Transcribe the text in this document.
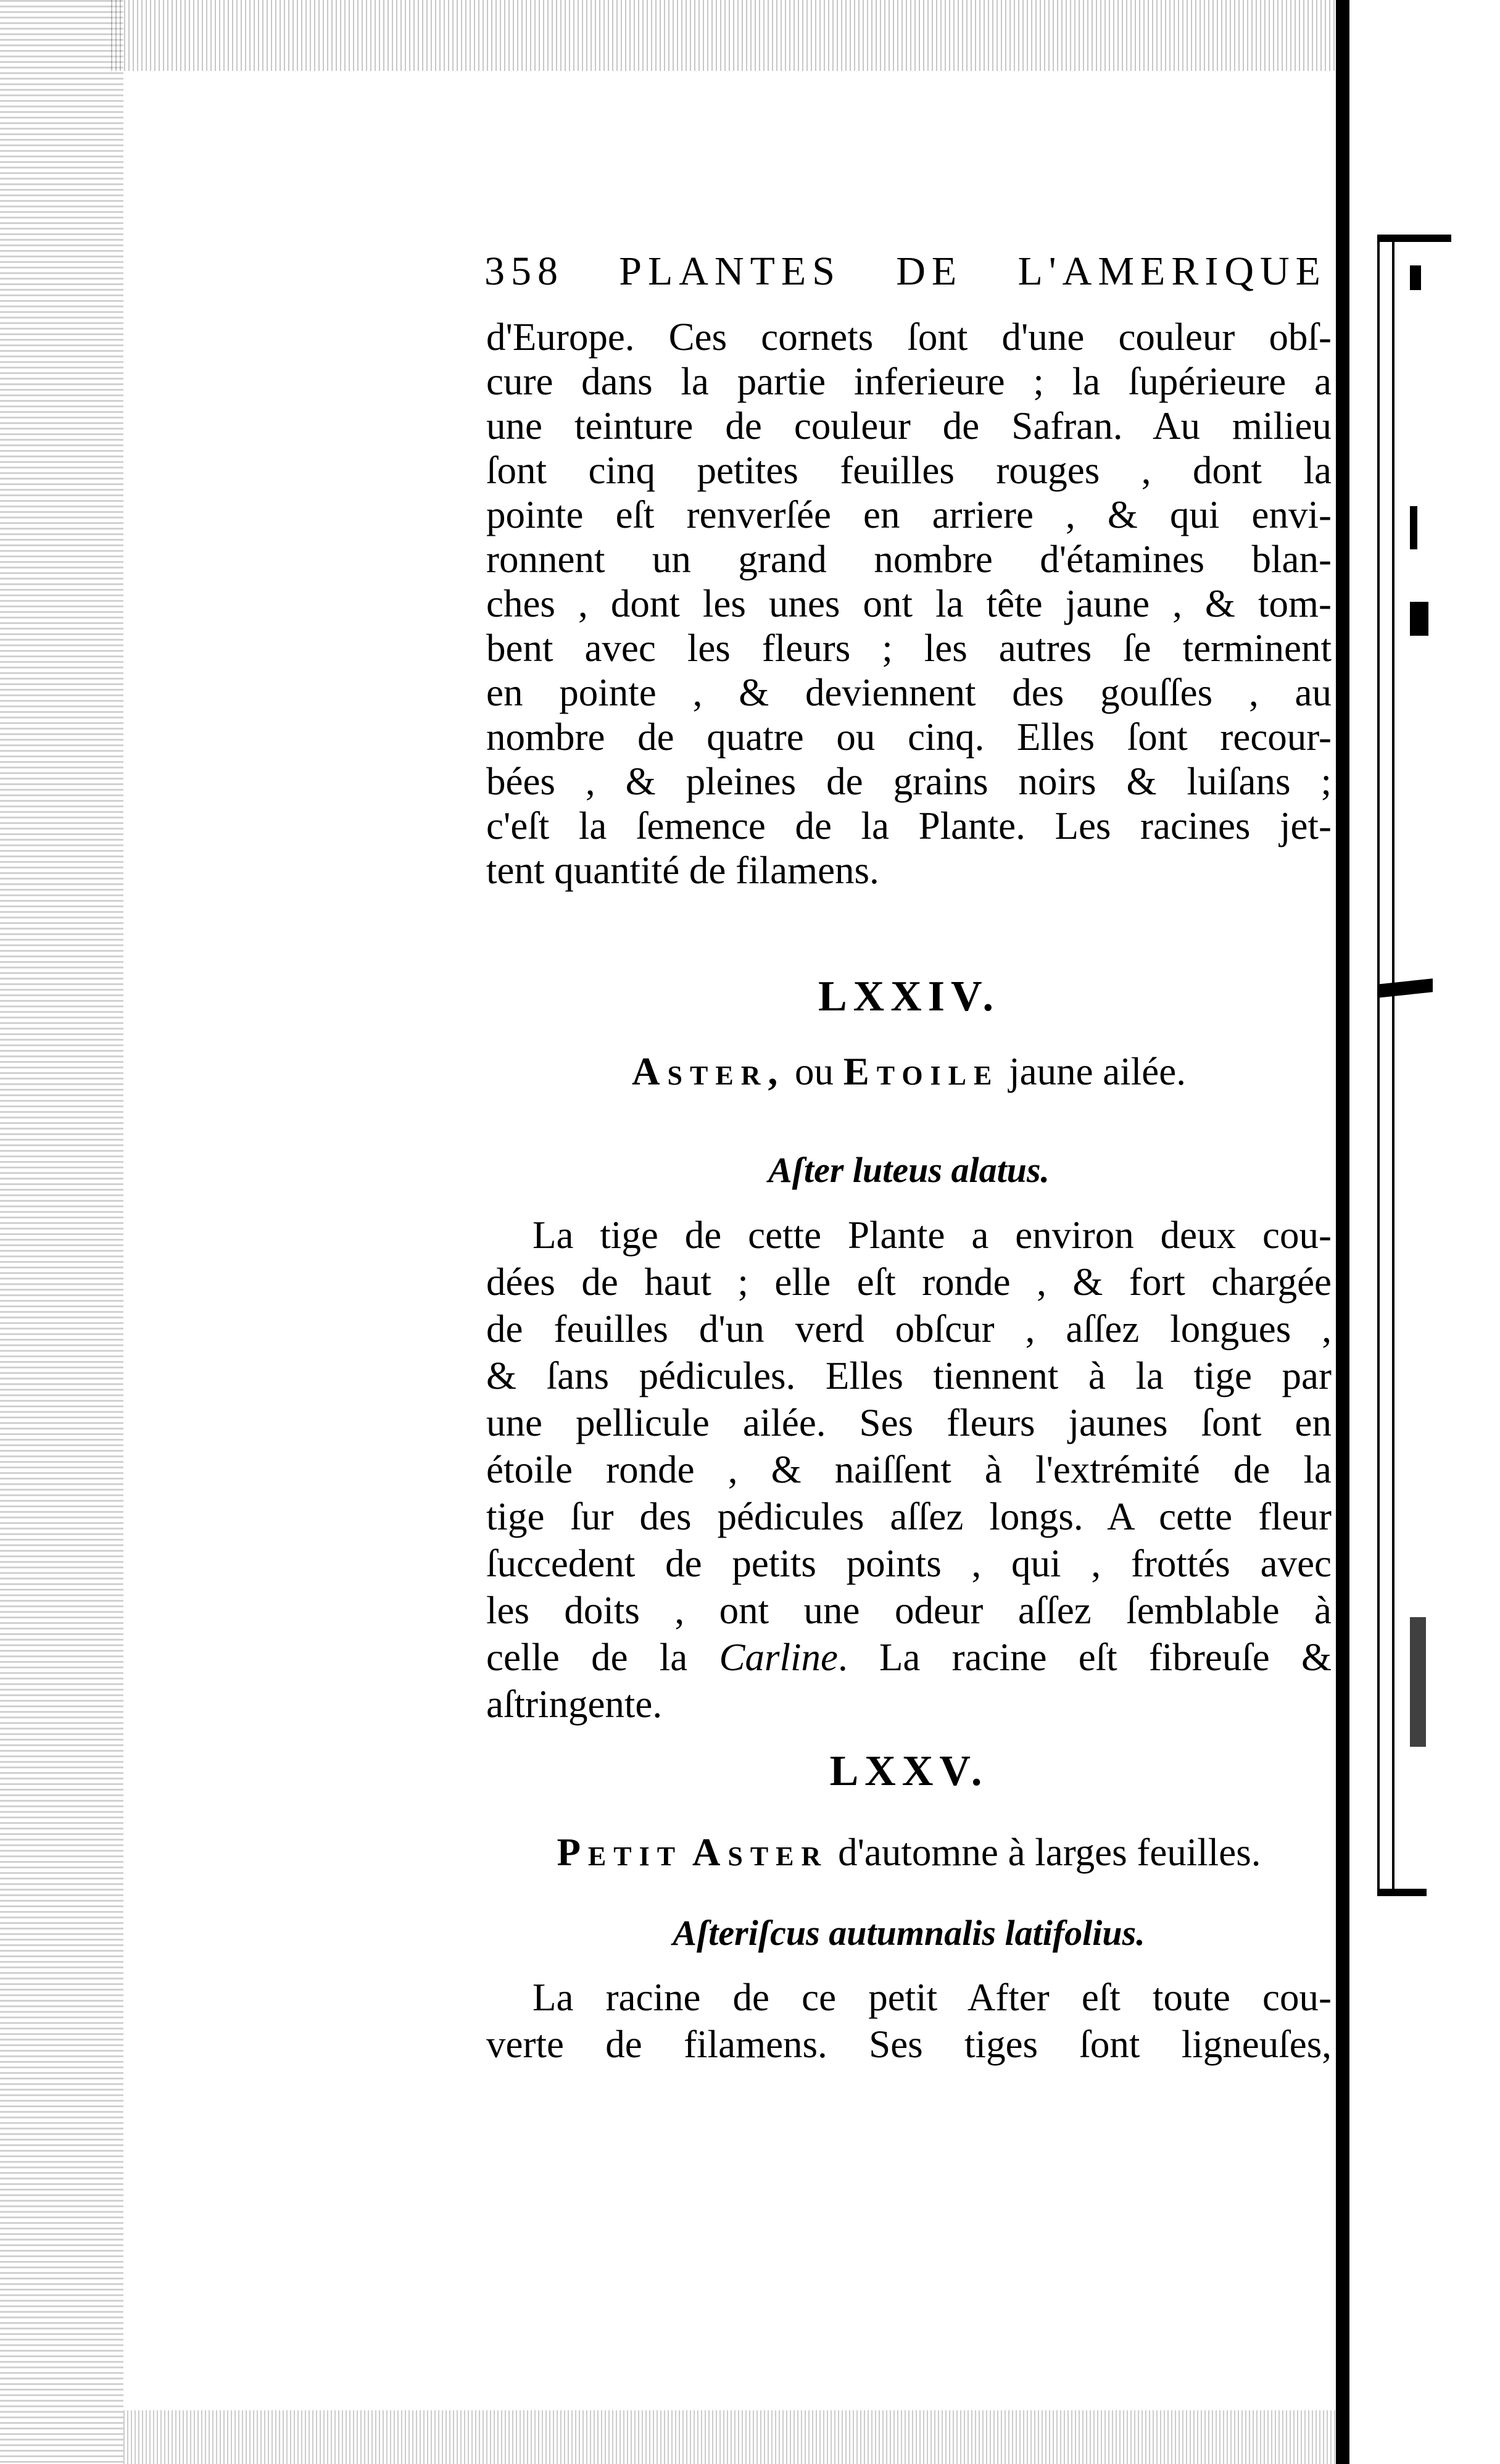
358 PLANTES DE L'AMERIQUE
d'Europe. Ces cornets ſont d'une couleur obſ-
cure dans la partie inferieure ; la ſupérieure a
une teinture de couleur de Safran. Au milieu
ſont cinq petites feuilles rouges , dont la
pointe eſt renverſée en arriere , & qui envi-
ronnent un grand nombre d'étamines blan-
ches , dont les unes ont la tête jaune , & tom-
bent avec les fleurs ; les autres ſe terminent
en pointe , & deviennent des gouſſes , au
nombre de quatre ou cinq. Elles ſont recour-
bées , & pleines de grains noirs & luiſans ;
c'eſt la ſemence de la Plante. Les racines jet-
tent quantité de filamens.
LXXIV.
Aster, ou Etoile jaune ailée.
Aſter luteus alatus.
La tige de cette Plante a environ deux cou-
dées de haut ; elle eſt ronde , & fort chargée
de feuilles d'un verd obſcur , aſſez longues ,
& ſans pédicules. Elles tiennent à la tige par
une pellicule ailée. Ses fleurs jaunes ſont en
étoile ronde , & naiſſent à l'extrémité de la
tige ſur des pédicules aſſez longs. A cette fleur
ſuccedent de petits points , qui , frottés avec
les doits , ont une odeur aſſez ſemblable à
celle de la Carline. La racine eſt fibreuſe &
aſtringente.
LXXV.
Petit Aster d'automne à larges feuilles.
Aſteriſcus autumnalis latifolius.
La racine de ce petit After eſt toute cou-
verte de filamens. Ses tiges ſont ligneuſes,
